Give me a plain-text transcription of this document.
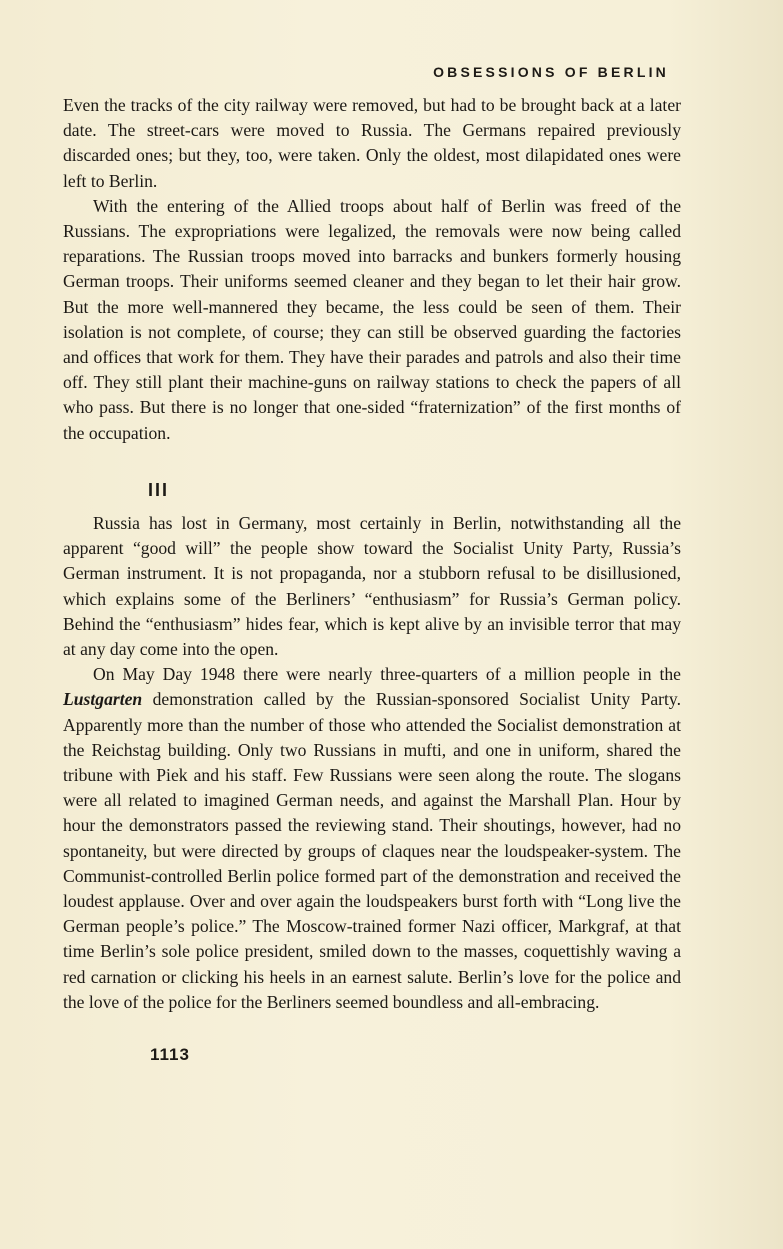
OBSESSIONS OF BERLIN

Even the tracks of the city railway were removed, but had to be brought back at a later date. The street-cars were moved to Russia. The Germans repaired previously discarded ones; but they, too, were taken. Only the oldest, most dilapidated ones were left to Berlin.

With the entering of the Allied troops about half of Berlin was freed of the Russians. The expropriations were legalized, the removals were now being called reparations. The Russian troops moved into barracks and bunkers formerly housing German troops. Their uniforms seemed cleaner and they began to let their hair grow. But the more well-mannered they became, the less could be seen of them. Their isolation is not complete, of course; they can still be observed guarding the factories and offices that work for them. They have their parades and patrols and also their time off. They still plant their machine-guns on railway stations to check the papers of all who pass. But there is no longer that one-sided “fraternization” of the first months of the occupation.

III

Russia has lost in Germany, most certainly in Berlin, notwithstanding all the apparent “good will” the people show toward the Socialist Unity Party, Russia’s German instrument. It is not propaganda, nor a stubborn refusal to be disillusioned, which explains some of the Berliners’ “enthusiasm” for Russia’s German policy. Behind the “enthusiasm” hides fear, which is kept alive by an invisible terror that may at any day come into the open.

On May Day 1948 there were nearly three-quarters of a million people in the Lustgarten demonstration called by the Russian-sponsored Socialist Unity Party. Apparently more than the number of those who attended the Socialist demonstration at the Reichstag building. Only two Russians in mufti, and one in uniform, shared the tribune with Piek and his staff. Few Russians were seen along the route. The slogans were all related to imagined German needs, and against the Marshall Plan. Hour by hour the demonstrators passed the reviewing stand. Their shoutings, however, had no spontaneity, but were directed by groups of claques near the loudspeaker-system. The Communist-controlled Berlin police formed part of the demonstration and received the loudest applause. Over and over again the loudspeakers burst forth with “Long live the German people’s police.” The Moscow-trained former Nazi officer, Markgraf, at that time Berlin’s sole police president, smiled down to the masses, coquettishly waving a red carnation or clicking his heels in an earnest salute. Berlin’s love for the police and the love of the police for the Berliners seemed boundless and all-embracing.

1113
